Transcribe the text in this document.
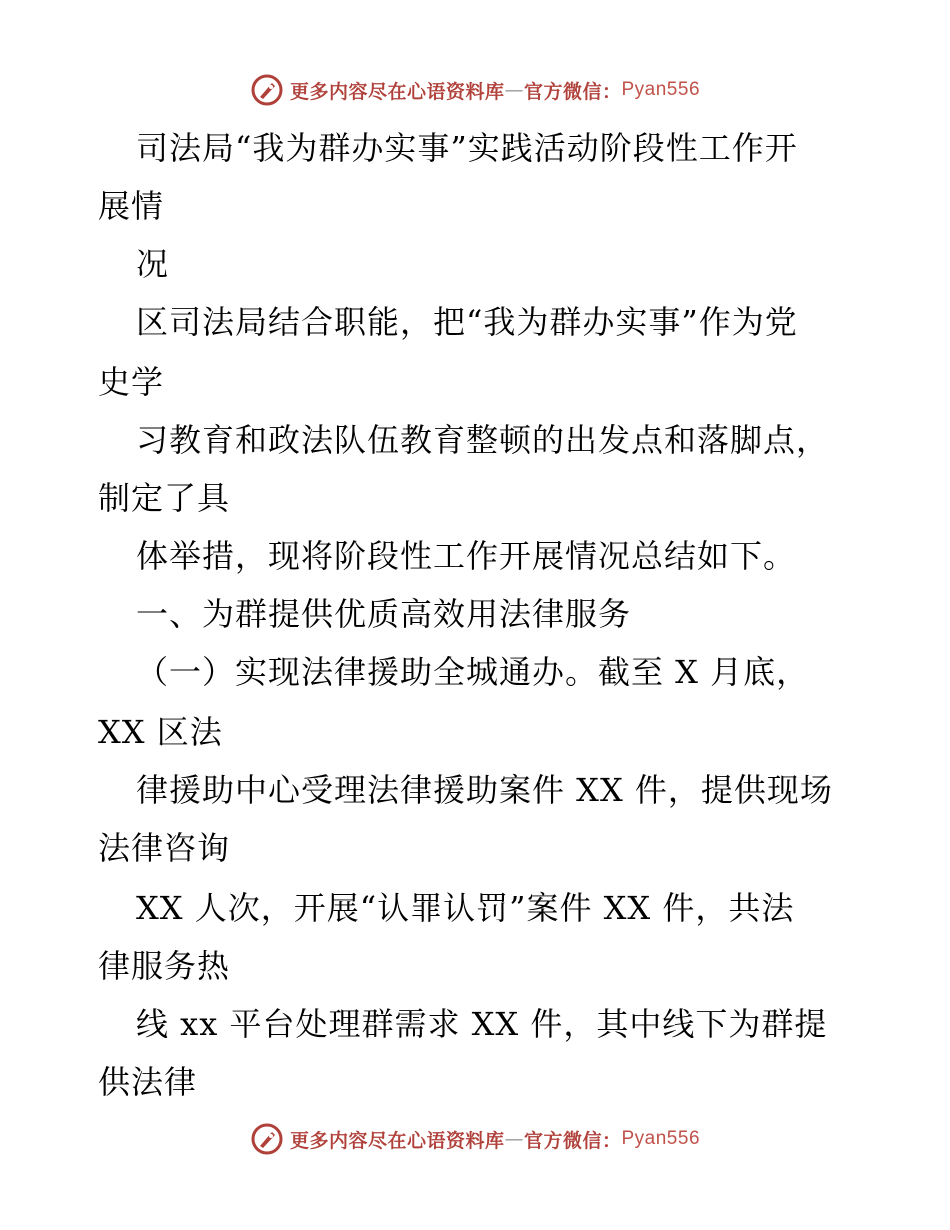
更多内容尽在心语资料库 — 官方微信： Pyan556
司法局“我为群办实事”实践活动阶段性工作开
展情
况
区司法局结合职能，把“我为群办实事”作为党
史学
习教育和政法队伍教育整顿的出发点和落脚点，
制定了具
体举措，现将阶段性工作开展情况总结如下。
一、为群提供优质高效用法律服务
（一）实现法律援助全城通办。截至 X 月底，
XX 区法
律援助中心受理法律援助案件 XX 件，提供现场
法律咨询
XX 人次，开展“认罪认罚”案件 XX 件，共法
律服务热
线 xx 平台处理群需求 XX 件，其中线下为群提
供法律
更多内容尽在心语资料库 — 官方微信： Pyan556
